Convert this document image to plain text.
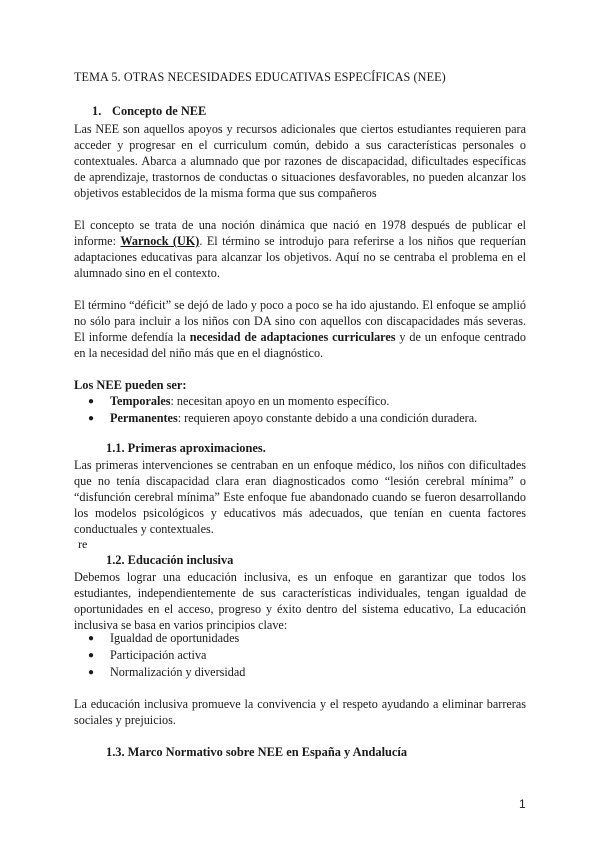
TEMA 5. OTRAS NECESIDADES EDUCATIVAS ESPECÍFICAS (NEE)
1. Concepto de NEE

Las NEE son aquellos apoyos y recursos adicionales que ciertos estudiantes requieren para acceder y progresar en el curriculum común, debido a sus características personales o contextuales. Abarca a alumnado que por razones de discapacidad, dificultades específicas de aprendizaje, trastornos de conductas o situaciones desfavorables, no pueden alcanzar los objetivos establecidos de la misma forma que sus compañeros

El concepto se trata de una noción dinámica que nació en 1978 después de publicar el informe: Warnock (UK). El término se introdujo para referirse a los niños que requerían adaptaciones educativas para alcanzar los objetivos. Aquí no se centraba el problema en el alumnado sino en el contexto.

El término “déficit” se dejó de lado y poco a poco se ha ido ajustando. El enfoque se amplió no sólo para incluir a los niños con DA sino con aquellos con discapacidades más severas. El informe defendía la necesidad de adaptaciones curriculares y de un enfoque centrado en la necesidad del niño más que en el diagnóstico.

Los NEE pueden ser:
● Temporales: necesitan apoyo en un momento específico.
● Permanentes: requieren apoyo constante debido a una condición duradera.
1.1. Primeras aproximaciones.

Las primeras intervenciones se centraban en un enfoque médico, los niños con dificultades que no tenía discapacidad clara eran diagnosticados como “lesión cerebral mínima” o “disfunción cerebral mínima” Este enfoque fue abandonado cuando se fueron desarrollando los modelos psicológicos y educativos más adecuados, que tenían en cuenta factores conductuales y contextuales.

re
1.2. Educación inclusiva

Debemos lograr una educación inclusiva, es un enfoque en garantizar que todos los estudiantes, independientemente de sus características individuales, tengan igualdad de oportunidades en el acceso, progreso y éxito dentro del sistema educativo, La educación inclusiva se basa en varios principios clave:

● Igualdad de oportunidades
● Participación activa
● Normalización y diversidad

La educación inclusiva promueve la convivencia y el respeto ayudando a eliminar barreras sociales y prejuicios.

1.3. Marco Normativo sobre NEE en España y Andalucía
1
